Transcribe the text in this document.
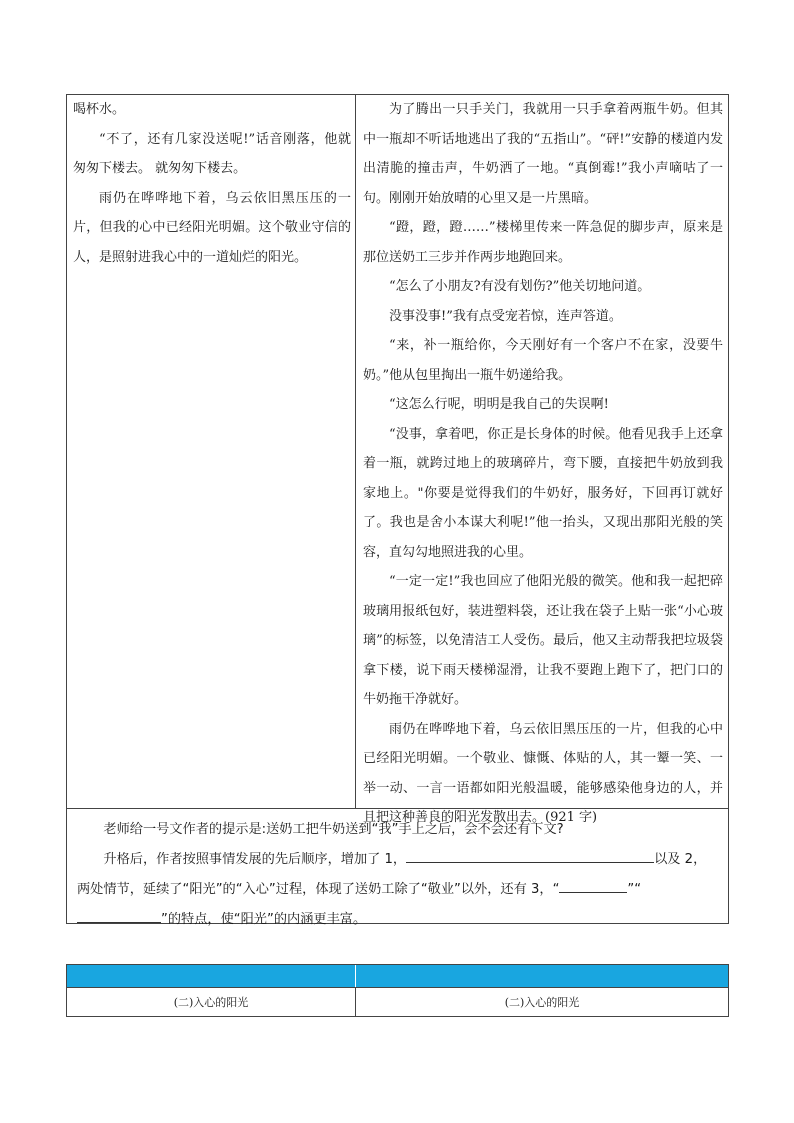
喝杯水。

“不了，还有几家没送呢!”话音刚落，他就匆匆下楼去。 就匆匆下楼去。

雨仍在哗哗地下着，乌云依旧黑压压的一片，但我的心中已经阳光明媚。这个敬业守信的人，是照射进我心中的一道灿烂的阳光。

为了腾出一只手关门，我就用一只手拿着两瓶牛奶。但其中一瓶却不听话地逃出了我的“五指山”。“砰!”安静的楼道内发出清脆的撞击声，牛奶洒了一地。“真倒霉!”我小声嘀咕了一句。刚刚开始放晴的心里又是一片黑暗。

“蹬，蹬，蹬……”楼梯里传来一阵急促的脚步声，原来是那位送奶工三步并作两步地跑回来。

“怎么了小朋友?有没有划伤?”他关切地问道。

没事没事!”我有点受宠若惊，连声答道。

“来，补一瓶给你，今天刚好有一个客户不在家，没要牛奶。”他从包里掏出一瓶牛奶递给我。

“这怎么行呢，明明是我自己的失误啊!

“没事，拿着吧，你正是长身体的时候。他看见我手上还拿着一瓶，就跨过地上的玻璃碎片，弯下腰，直接把牛奶放到我家地上。"你要是觉得我们的牛奶好，服务好，下回再订就好了。我也是舍小本谋大利呢!”他一抬头，又现出那阳光般的笑容，直勾勾地照进我的心里。

“一定一定!”我也回应了他阳光般的微笑。他和我一起把碎玻璃用报纸包好，装进塑料袋，还让我在袋子上贴一张“小心玻璃”的标签，以免清洁工人受伤。最后，他又主动帮我把垃圾袋拿下楼，说下雨天楼梯湿滑，让我不要跑上跑下了，把门口的牛奶拖干净就好。

雨仍在哗哗地下着，乌云依旧黑压压的一片，但我的心中已经阳光明媚。一个敬业、慷慨、体贴的人，其一颦一笑、一举一动、一言一语都如阳光般温暖，能够感染他身边的人，并且把这种善良的阳光发散出去。(921 字)

老师给一号文作者的提示是:送奶工把牛奶送到“我”手上之后，会不会还有下文?

升格后，作者按照事情发展的先后顺序，增加了 1，	以及 2，两处情节，延续了“阳光”的“入心”过程，体现了送奶工除了“敬业”以外，还有 3，“	”“”的特点，使“阳光”的内涵更丰富。

(二)入心的阳光	(二)入心的阳光
